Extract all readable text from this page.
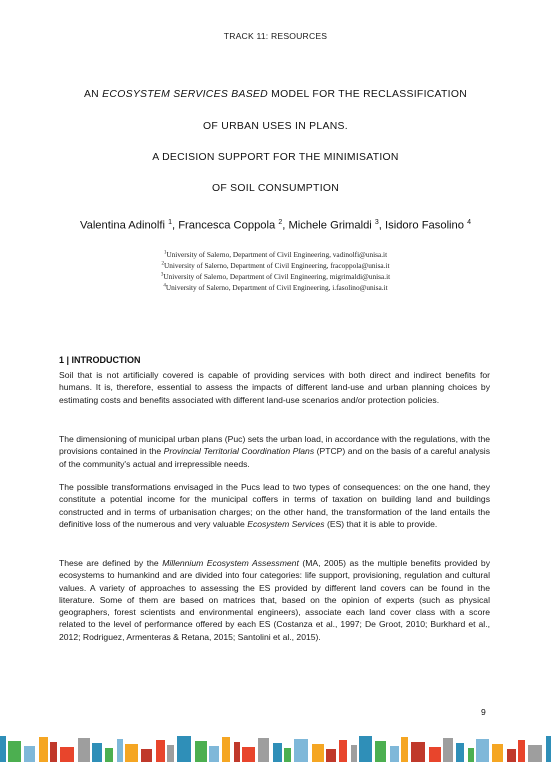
TRACK 11: RESOURCES
AN ECOSYSTEM SERVICES BASED MODEL FOR THE RECLASSIFICATION
OF URBAN USES IN PLANS.
A DECISION SUPPORT FOR THE MINIMISATION
OF SOIL CONSUMPTION
Valentina Adinolfi $^1$, Francesca Coppola $^2$, Michele Grimaldi $^3$, Isidoro Fasolino $^4$
$^1$University of Salerno, Department of Civil Engineering, vadinolfi@unisa.it
$^2$University of Salerno, Department of Civil Engineering, fracoppola@unisa.it
$^3$University of Salerno, Department of Civil Engineering, migrimaldi@unisa.it
$^4$University of Salerno, Department of Civil Engineering, i.fasolino@unisa.it
1 | INTRODUCTION

Soil that is not artificially covered is capable of providing services with both direct and indirect benefits for humans. It is, therefore, essential to assess the impacts of different land-use and urban planning choices by estimating costs and benefits associated with different land-use scenarios and/or protection policies.

The dimensioning of municipal urban plans (Puc) sets the urban load, in accordance with the regulations, with the provisions contained in the Provincial Territorial Coordination Plans (PTCP) and on the basis of a careful analysis of the community's actual and irrepressible needs.

The possible transformations envisaged in the Pucs lead to two types of consequences: on the one hand, they constitute a potential income for the municipal coffers in terms of taxation on building land and buildings constructed and in terms of urbanisation charges; on the other hand, the transformation of the land entails the definitive loss of the numerous and very valuable Ecosystem Services (ES) that it is able to provide.

These are defined by the Millennium Ecosystem Assessment (MA, 2005) as the multiple benefits provided by ecosystems to humankind and are divided into four categories: life support, provisioning, regulation and cultural values. A variety of approaches to assessing the ES provided by different land covers can be found in the literature. Some of them are based on matrices that, based on the opinion of experts (such as physical geographers, forest scientists and environmental engineers), associate each land cover class with a score related to the level of performance offered by each ES (Costanza et al., 1997; De Groot, 2010; Burkhard et al., 2012; Rodriguez, Armenteras & Retana, 2015; Santolini et al., 2015).

9
